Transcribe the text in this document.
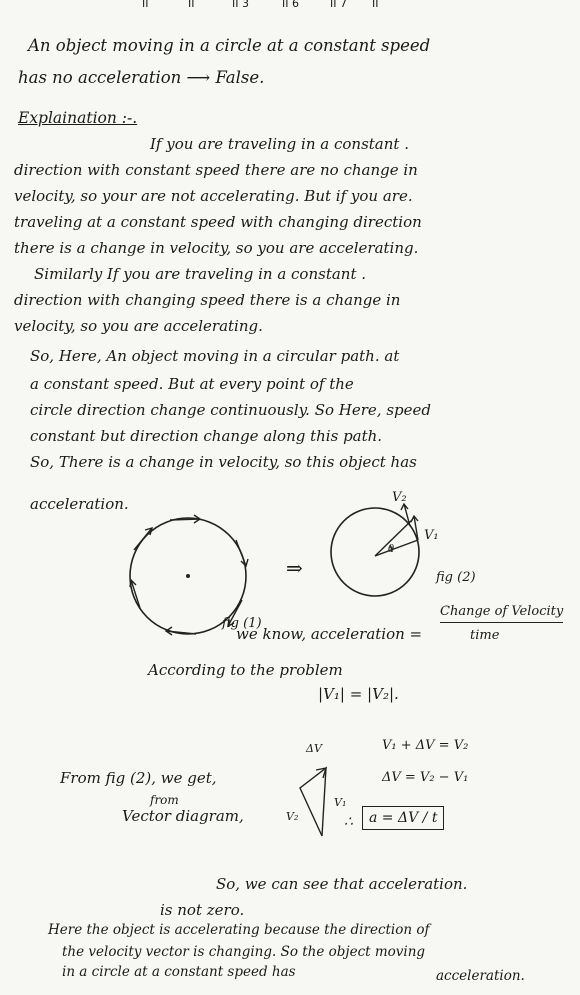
II	II	II 3	II 6	II 7 II
An object moving in a circle at a constant speed
has no acceleration ⟶ False.
Explaination :-.
If you are traveling in a constant .
direction with constant speed there are no change in
velocity, so your are not accelerating. But if you are.
traveling at a constant speed with changing direction
there is a change in velocity, so you are accelerating.
Similarly If you are traveling in a constant .
direction with changing speed there is a change in
velocity, so you are accelerating.
So, Here, An object moving in a circular path. at
a constant speed. But at every point of the
circle direction change continuously. So Here, speed
constant but direction change along this path.
So, There is a change in velocity, so this object has
acceleration.
fig (1)
⇒	fig (2)
V₂
V₁
θ
we know, acceleration =
Change of Velocity
time
According to the problem
|V₁| = |V₂|.
From fig (2), we get,
from
Vector diagram,
ΔV
V₁
V₂
V₁ + ΔV = V₂
ΔV = V₂ − V₁
∴	a = ΔV / t
So, we can see that acceleration.
is not zero.
Here the object is accelerating because the direction of
the velocity vector is changing. So the object moving
in a circle at a constant speed has	acceleration.
